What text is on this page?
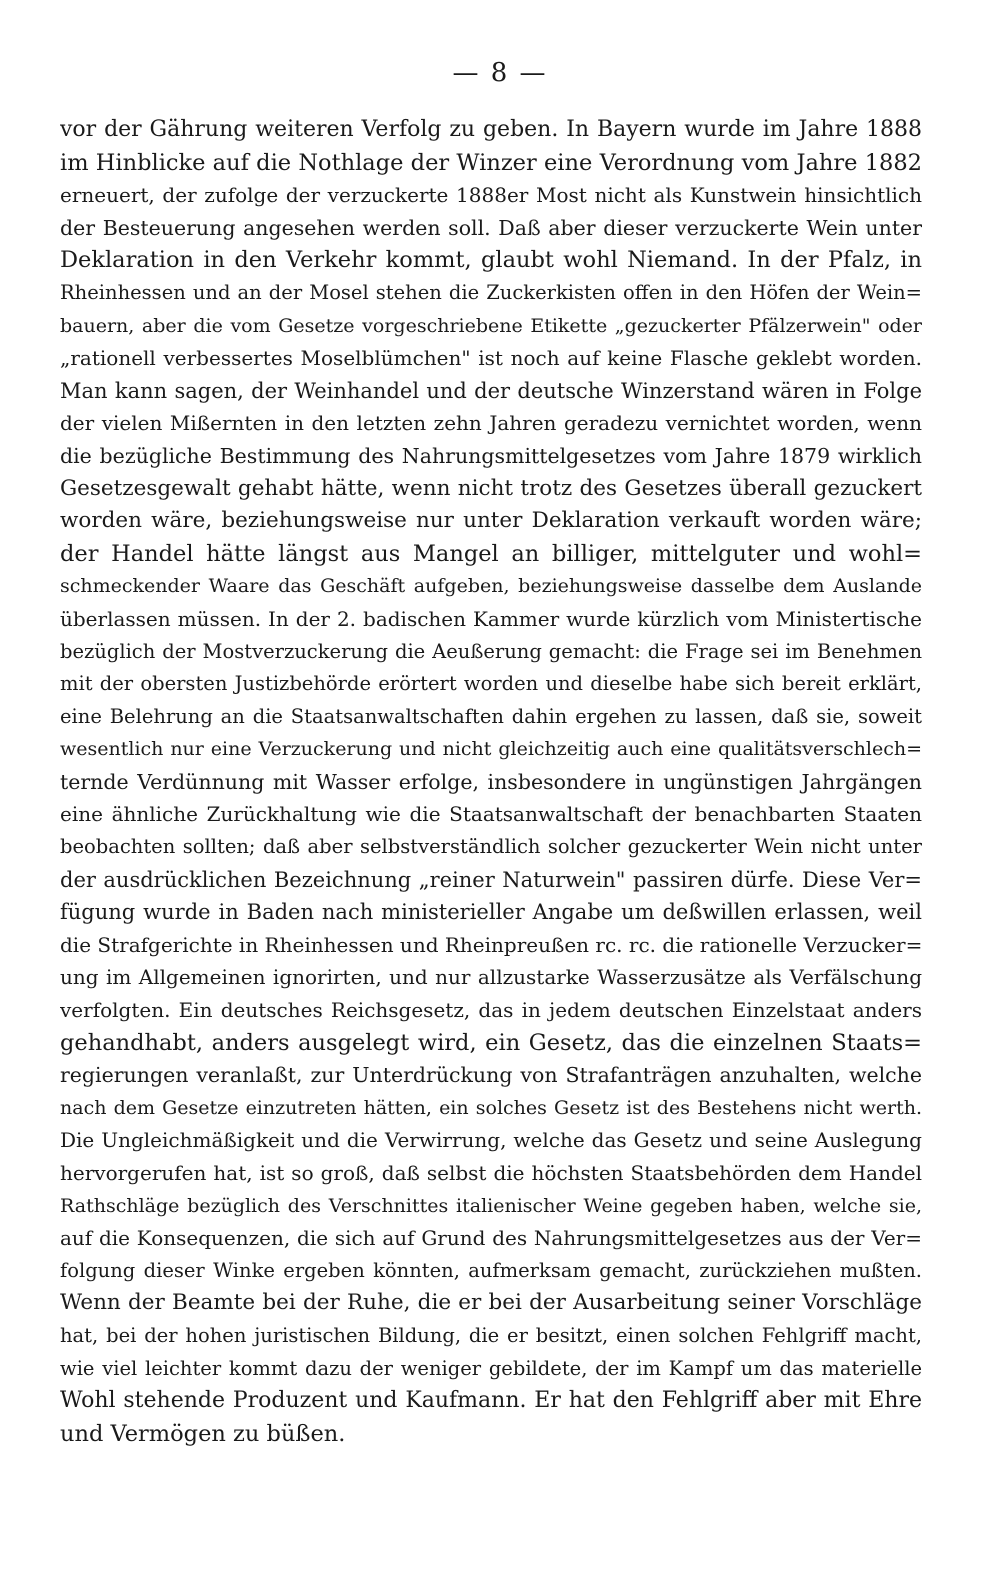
— 8 —
vor der Gährung weiteren Verfolg zu geben. In Bayern wurde im Jahre 1888
im Hinblicke auf die Nothlage der Winzer eine Verordnung vom Jahre 1882
erneuert, der zufolge der verzuckerte 1888er Most nicht als Kunstwein hinsichtlich
der Besteuerung angesehen werden soll. Daß aber dieser verzuckerte Wein unter
Deklaration in den Verkehr kommt, glaubt wohl Niemand. In der Pfalz, in
Rheinhessen und an der Mosel stehen die Zuckerkisten offen in den Höfen der Wein=
bauern, aber die vom Gesetze vorgeschriebene Etikette „gezuckerter Pfälzerwein" oder
„rationell verbessertes Moselblümchen" ist noch auf keine Flasche geklebt worden.
Man kann sagen, der Weinhandel und der deutsche Winzerstand wären in Folge
der vielen Mißernten in den letzten zehn Jahren geradezu vernichtet worden, wenn
die bezügliche Bestimmung des Nahrungsmittelgesetzes vom Jahre 1879 wirklich
Gesetzesgewalt gehabt hätte, wenn nicht trotz des Gesetzes überall gezuckert
worden wäre, beziehungsweise nur unter Deklaration verkauft worden wäre;
der Handel hätte längst aus Mangel an billiger, mittelguter und wohl=
schmeckender Waare das Geschäft aufgeben, beziehungsweise dasselbe dem Auslande
überlassen müssen. In der 2. badischen Kammer wurde kürzlich vom Ministertische
bezüglich der Mostverzuckerung die Aeußerung gemacht: die Frage sei im Benehmen
mit der obersten Justizbehörde erörtert worden und dieselbe habe sich bereit erklärt,
eine Belehrung an die Staatsanwaltschaften dahin ergehen zu lassen, daß sie, soweit
wesentlich nur eine Verzuckerung und nicht gleichzeitig auch eine qualitätsverschlech=
ternde Verdünnung mit Wasser erfolge, insbesondere in ungünstigen Jahrgängen
eine ähnliche Zurückhaltung wie die Staatsanwaltschaft der benachbarten Staaten
beobachten sollten; daß aber selbstverständlich solcher gezuckerter Wein nicht unter
der ausdrücklichen Bezeichnung „reiner Naturwein" passiren dürfe. Diese Ver=
fügung wurde in Baden nach ministerieller Angabe um deßwillen erlassen, weil
die Strafgerichte in Rheinhessen und Rheinpreußen rc. rc. die rationelle Verzucker=
ung im Allgemeinen ignorirten, und nur allzustarke Wasserzusätze als Verfälschung
verfolgten. Ein deutsches Reichsgesetz, das in jedem deutschen Einzelstaat anders
gehandhabt, anders ausgelegt wird, ein Gesetz, das die einzelnen Staats=
regierungen veranlaßt, zur Unterdrückung von Strafanträgen anzuhalten, welche
nach dem Gesetze einzutreten hätten, ein solches Gesetz ist des Bestehens nicht werth.
Die Ungleichmäßigkeit und die Verwirrung, welche das Gesetz und seine Auslegung
hervorgerufen hat, ist so groß, daß selbst die höchsten Staatsbehörden dem Handel
Rathschläge bezüglich des Verschnittes italienischer Weine gegeben haben, welche sie,
auf die Konsequenzen, die sich auf Grund des Nahrungsmittelgesetzes aus der Ver=
folgung dieser Winke ergeben könnten, aufmerksam gemacht, zurückziehen mußten.
Wenn der Beamte bei der Ruhe, die er bei der Ausarbeitung seiner Vorschläge
hat, bei der hohen juristischen Bildung, die er besitzt, einen solchen Fehlgriff macht,
wie viel leichter kommt dazu der weniger gebildete, der im Kampf um das materielle
Wohl stehende Produzent und Kaufmann. Er hat den Fehlgriff aber mit Ehre
und Vermögen zu büßen.
